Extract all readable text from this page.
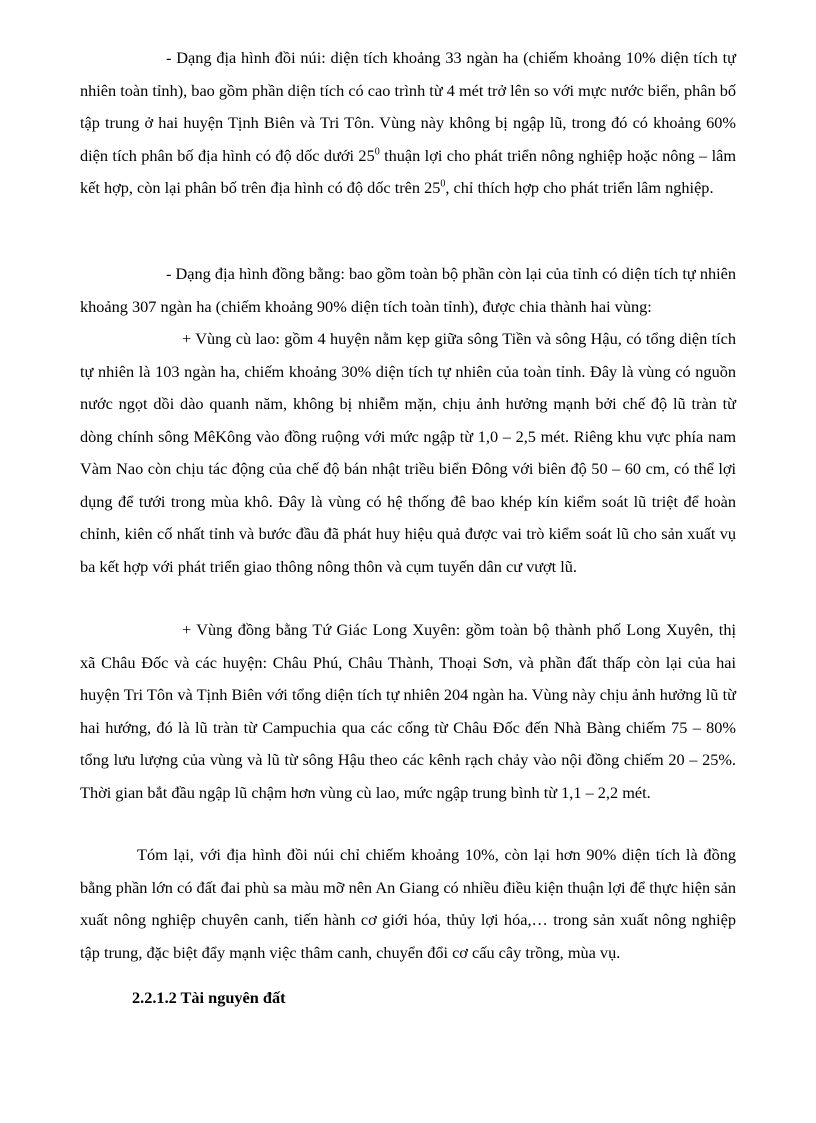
- Dạng địa hình đồi núi: diện tích khoảng 33 ngàn ha (chiếm khoảng 10% diện tích tự nhiên toàn tỉnh), bao gồm phần diện tích có cao trình từ 4 mét trở lên so với mực nước biển, phân bố tập trung ở hai huyện Tịnh Biên và Tri Tôn. Vùng này không bị ngập lũ, trong đó có khoảng 60% diện tích phân bố địa hình có độ dốc dưới $25^0$ thuận lợi cho phát triển nông nghiệp hoặc nông – lâm kết hợp, còn lại phân bố trên địa hình có độ dốc trên $25^0$, chỉ thích hợp cho phát triển lâm nghiệp.

- Dạng địa hình đồng bằng: bao gồm toàn bộ phần còn lại của tỉnh có diện tích tự nhiên khoảng 307 ngàn ha (chiếm khoảng 90% diện tích toàn tỉnh), được chia thành hai vùng:

+ Vùng cù lao: gồm 4 huyện nằm kẹp giữa sông Tiền và sông Hậu, có tổng diện tích tự nhiên là 103 ngàn ha, chiếm khoảng 30% diện tích tự nhiên của toàn tỉnh. Đây là vùng có nguồn nước ngọt dồi dào quanh năm, không bị nhiễm mặn, chịu ảnh hưởng mạnh bởi chế độ lũ tràn từ dòng chính sông MêKông vào đồng ruộng với mức ngập từ 1,0 – 2,5 mét. Riêng khu vực phía nam Vàm Nao còn chịu tác động của chế độ bán nhật triều biển Đông với biên độ 50 – 60 cm, có thể lợi dụng để tưới trong mùa khô. Đây là vùng có hệ thống đê bao khép kín kiểm soát lũ triệt để hoàn chỉnh, kiên cố nhất tỉnh và bước đầu đã phát huy hiệu quả được vai trò kiểm soát lũ cho sản xuất vụ ba kết hợp với phát triển giao thông nông thôn và cụm tuyến dân cư vượt lũ.

+ Vùng đồng bằng Tứ Giác Long Xuyên: gồm toàn bộ thành phố Long Xuyên, thị xã Châu Đốc và các huyện: Châu Phú, Châu Thành, Thoại Sơn, và phần đất thấp còn lại của hai huyện Tri Tôn và Tịnh Biên với tổng diện tích tự nhiên 204 ngàn ha. Vùng này chịu ảnh hưởng lũ từ hai hướng, đó là lũ tràn từ Campuchia qua các cống từ Châu Đốc đến Nhà Bàng chiếm 75 – 80% tổng lưu lượng của vùng và lũ từ sông Hậu theo các kênh rạch chảy vào nội đồng chiếm 20 – 25%. Thời gian bắt đầu ngập lũ chậm hơn vùng cù lao, mức ngập trung bình từ 1,1 – 2,2 mét.

Tóm lại, với địa hình đồi núi chỉ chiếm khoảng 10%, còn lại hơn 90% diện tích là đồng bằng phần lớn có đất đai phù sa màu mỡ nên An Giang có nhiều điều kiện thuận lợi để thực hiện sản xuất nông nghiệp chuyên canh, tiến hành cơ giới hóa, thủy lợi hóa,… trong sản xuất nông nghiệp tập trung, đặc biệt đẩy mạnh việc thâm canh, chuyển đổi cơ cấu cây trồng, mùa vụ.

2.2.1.2 Tài nguyên đất
